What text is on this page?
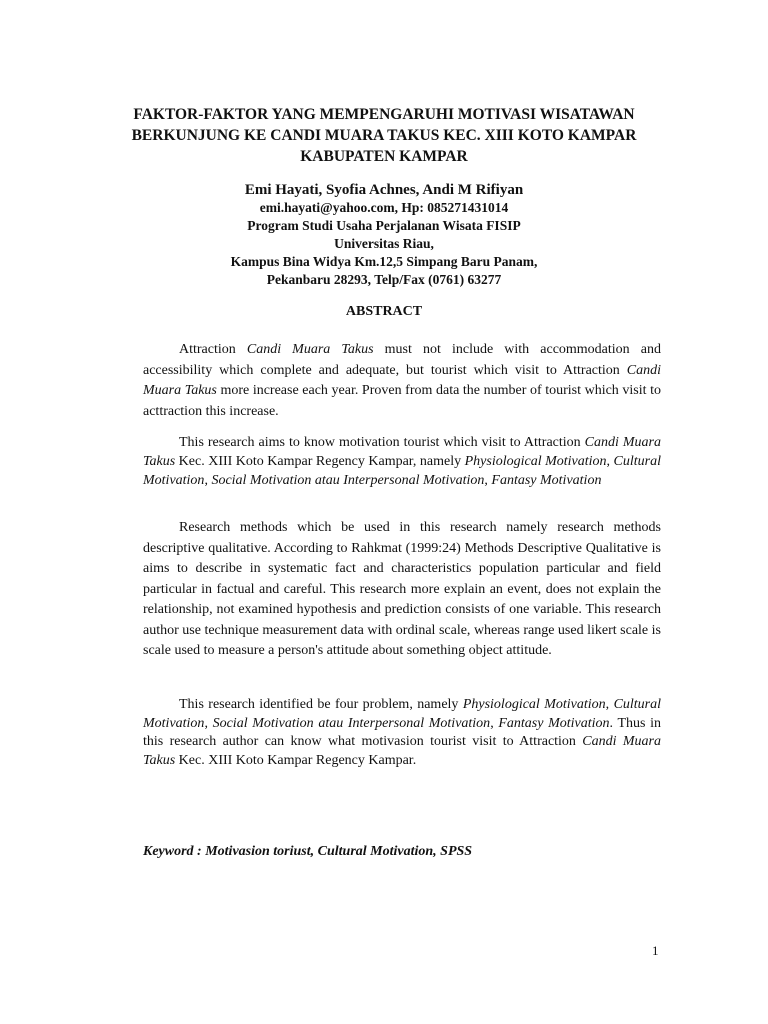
FAKTOR-FAKTOR YANG MEMPENGARUHI MOTIVASI WISATAWAN
BERKUNJUNG KE CANDI MUARA TAKUS KEC. XIII KOTO KAMPAR
KABUPATEN KAMPAR
Emi Hayati, Syofia Achnes, Andi M Rifiyan
emi.hayati@yahoo.com, Hp: 085271431014
Program Studi Usaha Perjalanan Wisata FISIP
Universitas Riau,
Kampus Bina Widya Km.12,5 Simpang Baru Panam,
Pekanbaru 28293, Telp/Fax (0761) 63277
ABSTRACT

Attraction Candi Muara Takus must not include with accommodation and accessibility which complete and adequate, but tourist which visit to Attraction Candi Muara Takus more increase each year. Proven from data the number of tourist which visit to acttraction this increase.

This research aims to know motivation tourist which visit to Attraction Candi Muara Takus Kec. XIII Koto Kampar Regency Kampar, namely Physiological Motivation, Cultural Motivation, Social Motivation atau Interpersonal Motivation, Fantasy Motivation

Research methods which be used in this research namely research methods descriptive qualitative. According to Rahkmat (1999:24) Methods Descriptive Qualitative is aims to describe in systematic fact and characteristics population particular and field particular in factual and careful. This research more explain an event, does not explain the relationship, not examined hypothesis and prediction consists of one variable. This research author use technique measurement data with ordinal scale, whereas range used likert scale is scale used to measure a person's attitude about something object attitude.

This research identified be four problem, namely Physiological Motivation, Cultural Motivation, Social Motivation atau Interpersonal Motivation, Fantasy Motivation. Thus in this research author can know what motivasion tourist visit to Attraction Candi Muara Takus Kec. XIII Koto Kampar Regency Kampar.

Keyword : Motivasion toriust, Cultural Motivation, SPSS
1
